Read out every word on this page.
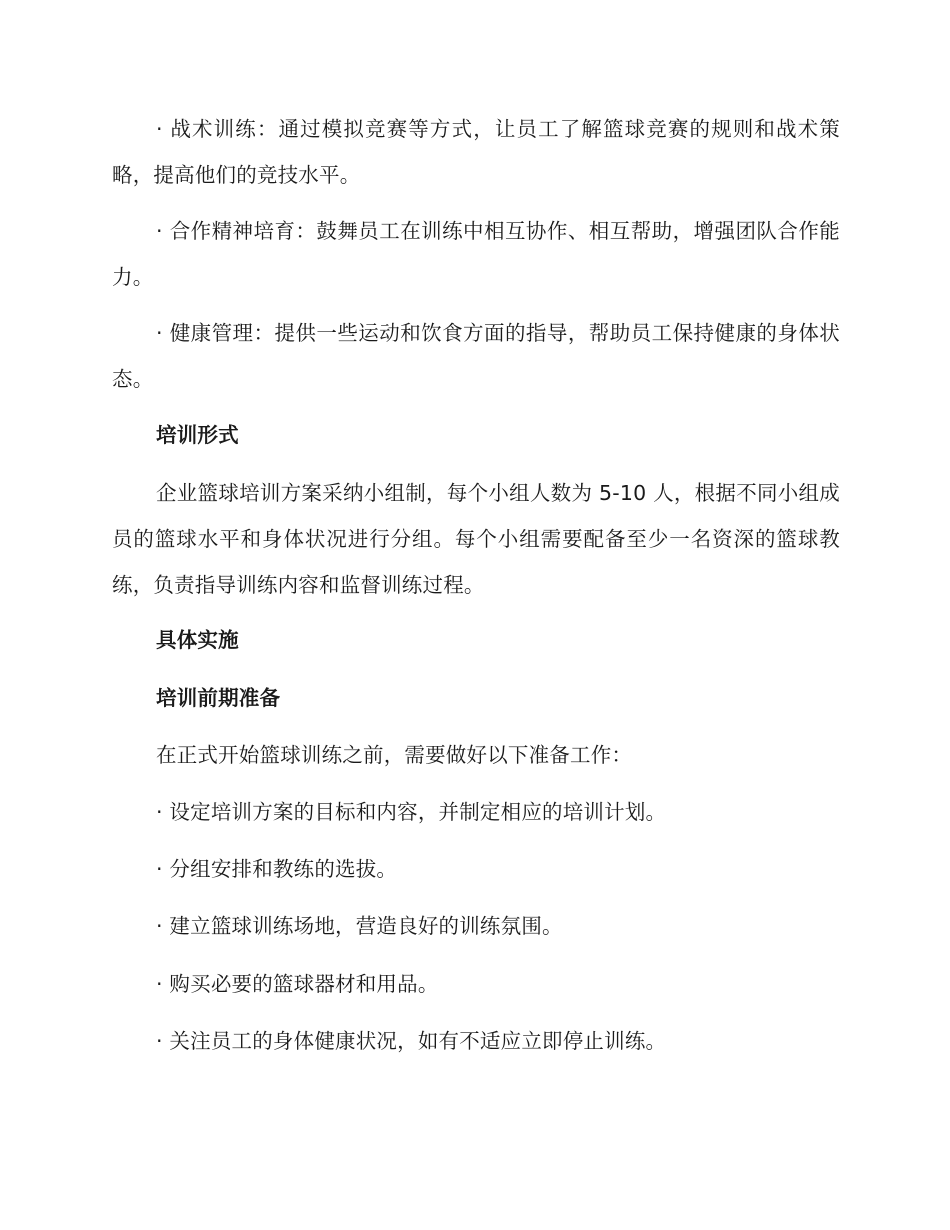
· 战术训练：通过模拟竞赛等方式，让员工了解篮球竞赛的规则和战术策略，提高他们的竞技水平。

· 合作精神培育：鼓舞员工在训练中相互协作、相互帮助，增强团队合作能力。

· 健康管理：提供一些运动和饮食方面的指导，帮助员工保持健康的身体状态。

培训形式

企业篮球培训方案采纳小组制，每个小组人数为 5-10 人，根据不同小组成员的篮球水平和身体状况进行分组。每个小组需要配备至少一名资深的篮球教练，负责指导训练内容和监督训练过程。

具体实施
培训前期准备

在正式开始篮球训练之前，需要做好以下准备工作：

· 设定培训方案的目标和内容，并制定相应的培训计划。

· 分组安排和教练的选拔。

· 建立篮球训练场地，营造良好的训练氛围。

· 购买必要的篮球器材和用品。

· 关注员工的身体健康状况，如有不适应立即停止训练。
